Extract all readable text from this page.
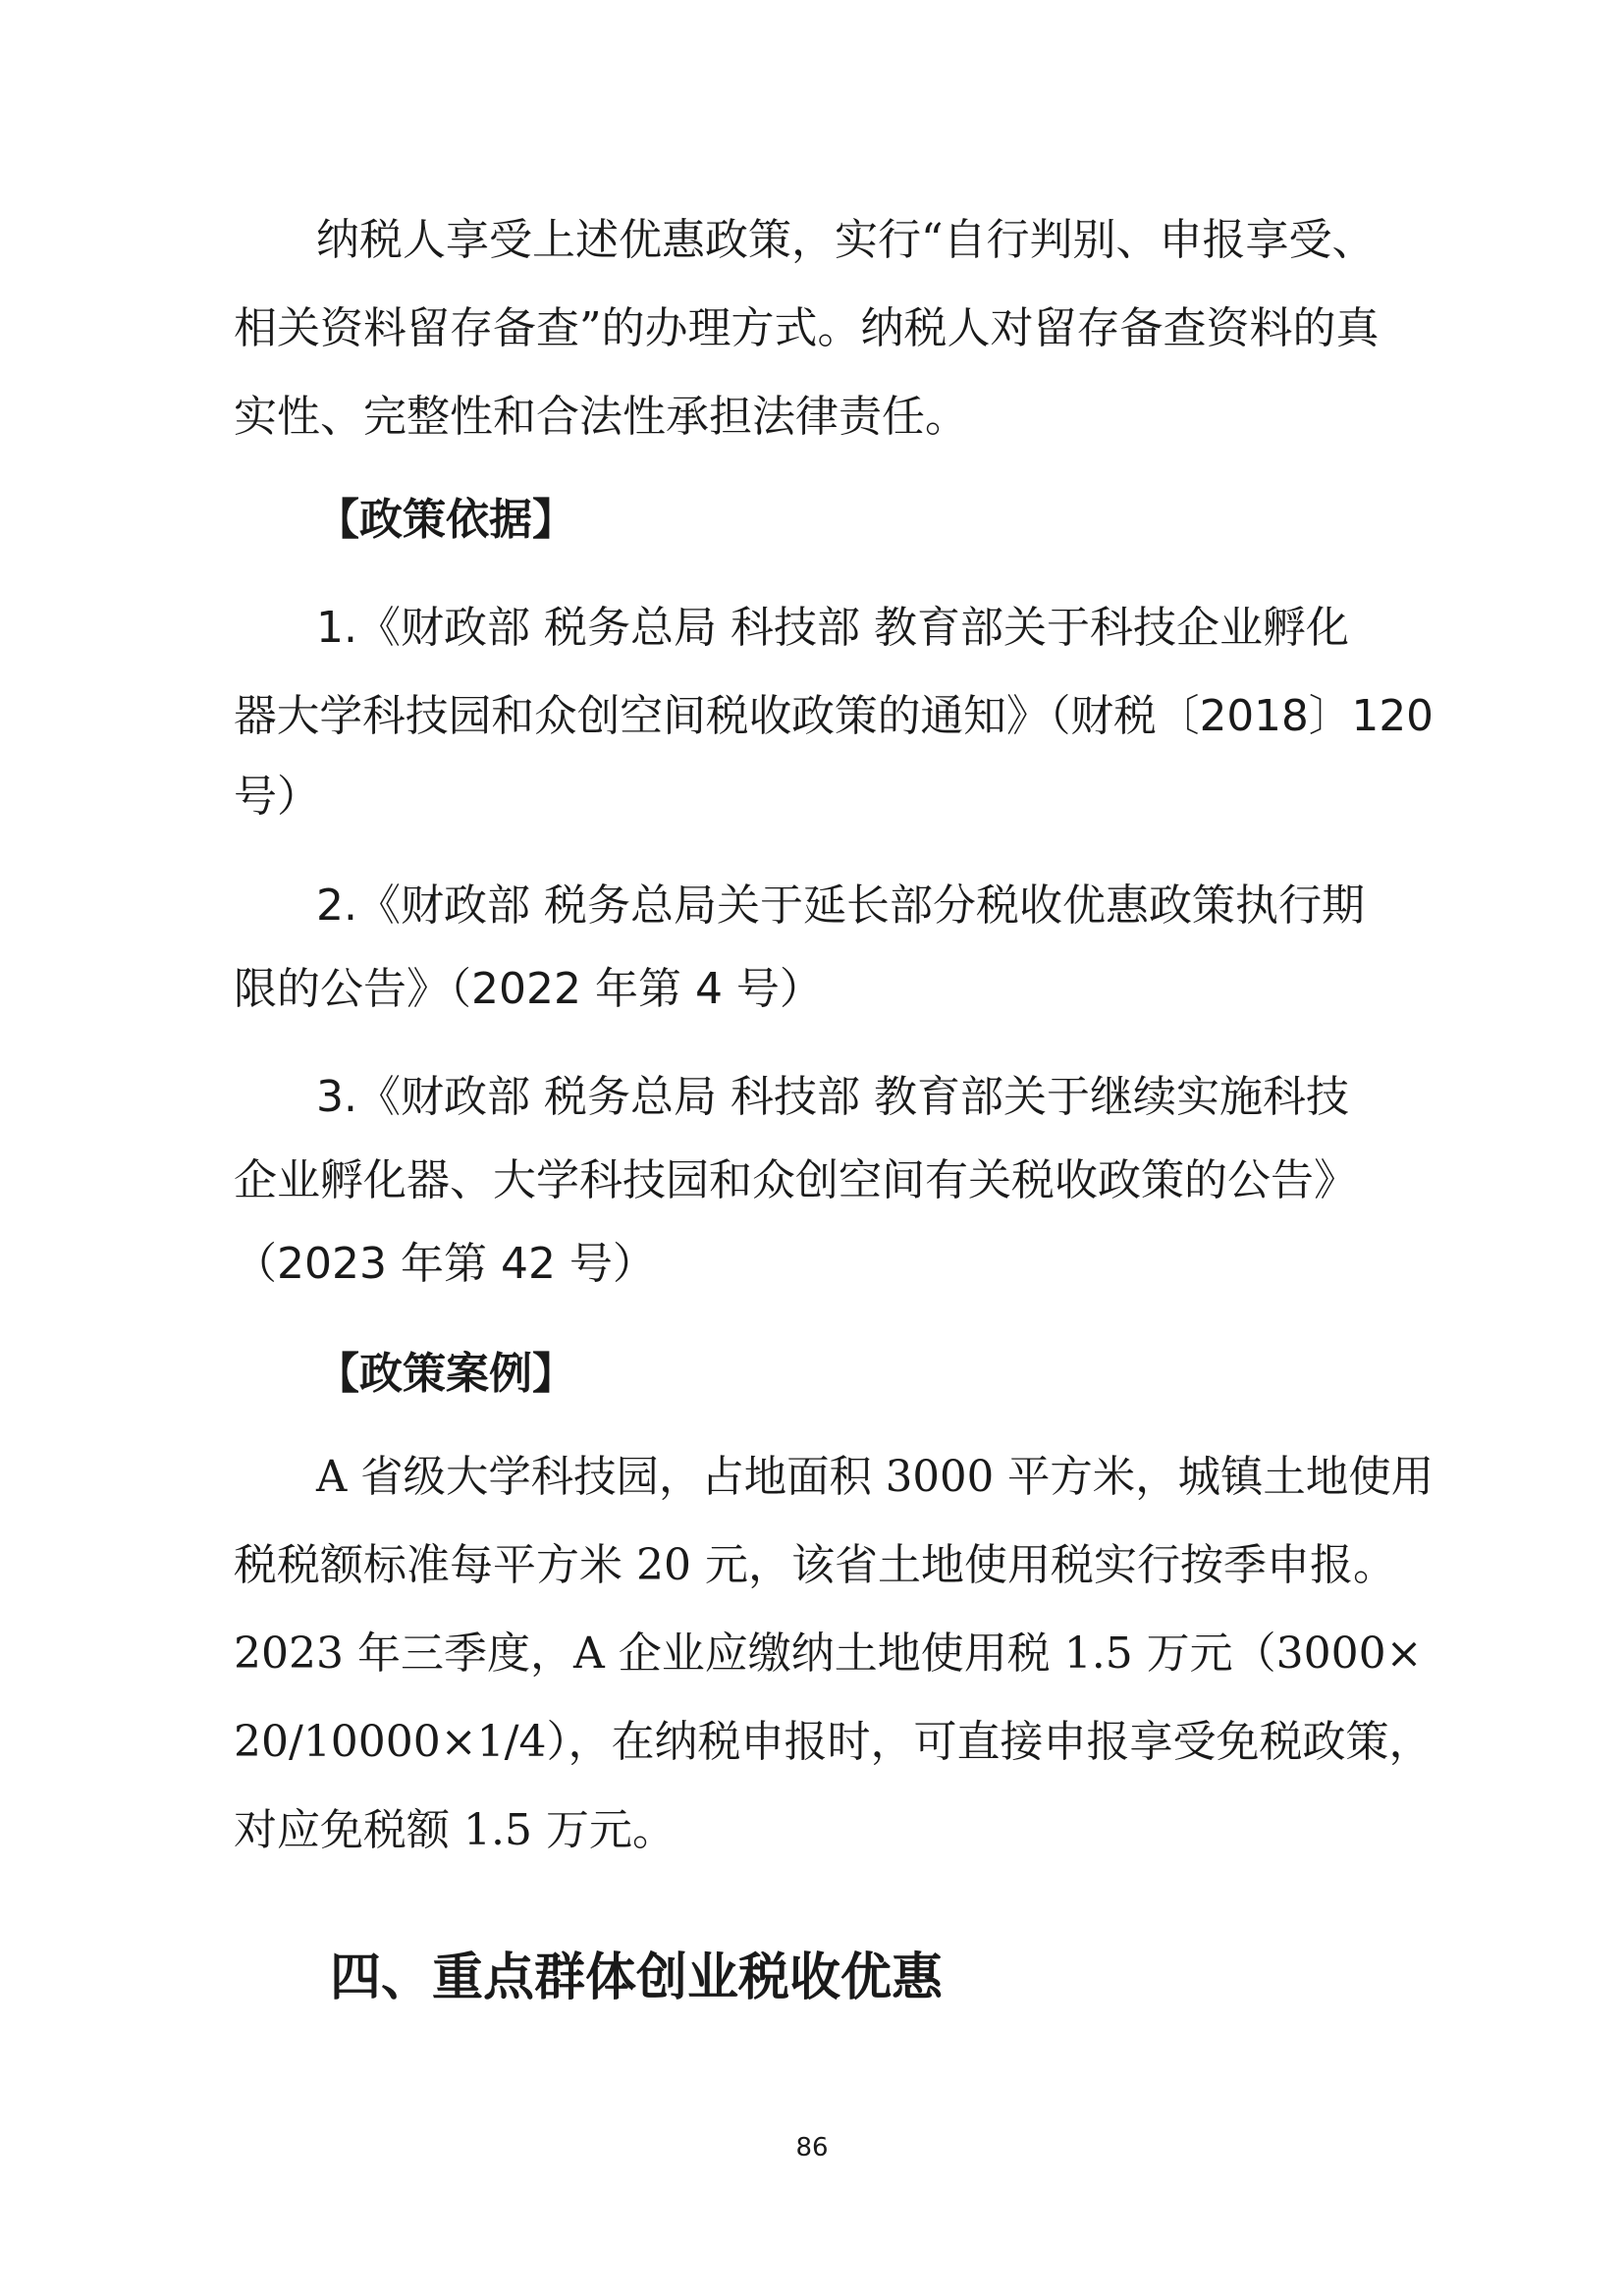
纳税人享受上述优惠政策，实行“自行判别、申报享受、
相关资料留存备查”的办理方式。纳税人对留存备查资料的真
实性、完整性和合法性承担法律责任。
【政策依据】
1.《财政部 税务总局 科技部 教育部关于科技企业孵化
器大学科技园和众创空间税收政策的通知》（财税〔2018〕120
号）
2.《财政部 税务总局关于延长部分税收优惠政策执行期
限的公告》（2022 年第 4 号）
3.《财政部 税务总局 科技部 教育部关于继续实施科技
企业孵化器、大学科技园和众创空间有关税收政策的公告》
（2023 年第 42 号）
【政策案例】
A 省级大学科技园，占地面积 3000 平方米，城镇土地使用
税税额标准每平方米 20 元，该省土地使用税实行按季申报。
2023 年三季度，A 企业应缴纳土地使用税 1.5 万元（3000×
20/10000×1/4），在纳税申报时，可直接申报享受免税政策，
对应免税额 1.5 万元。
四、重点群体创业税收优惠
86
